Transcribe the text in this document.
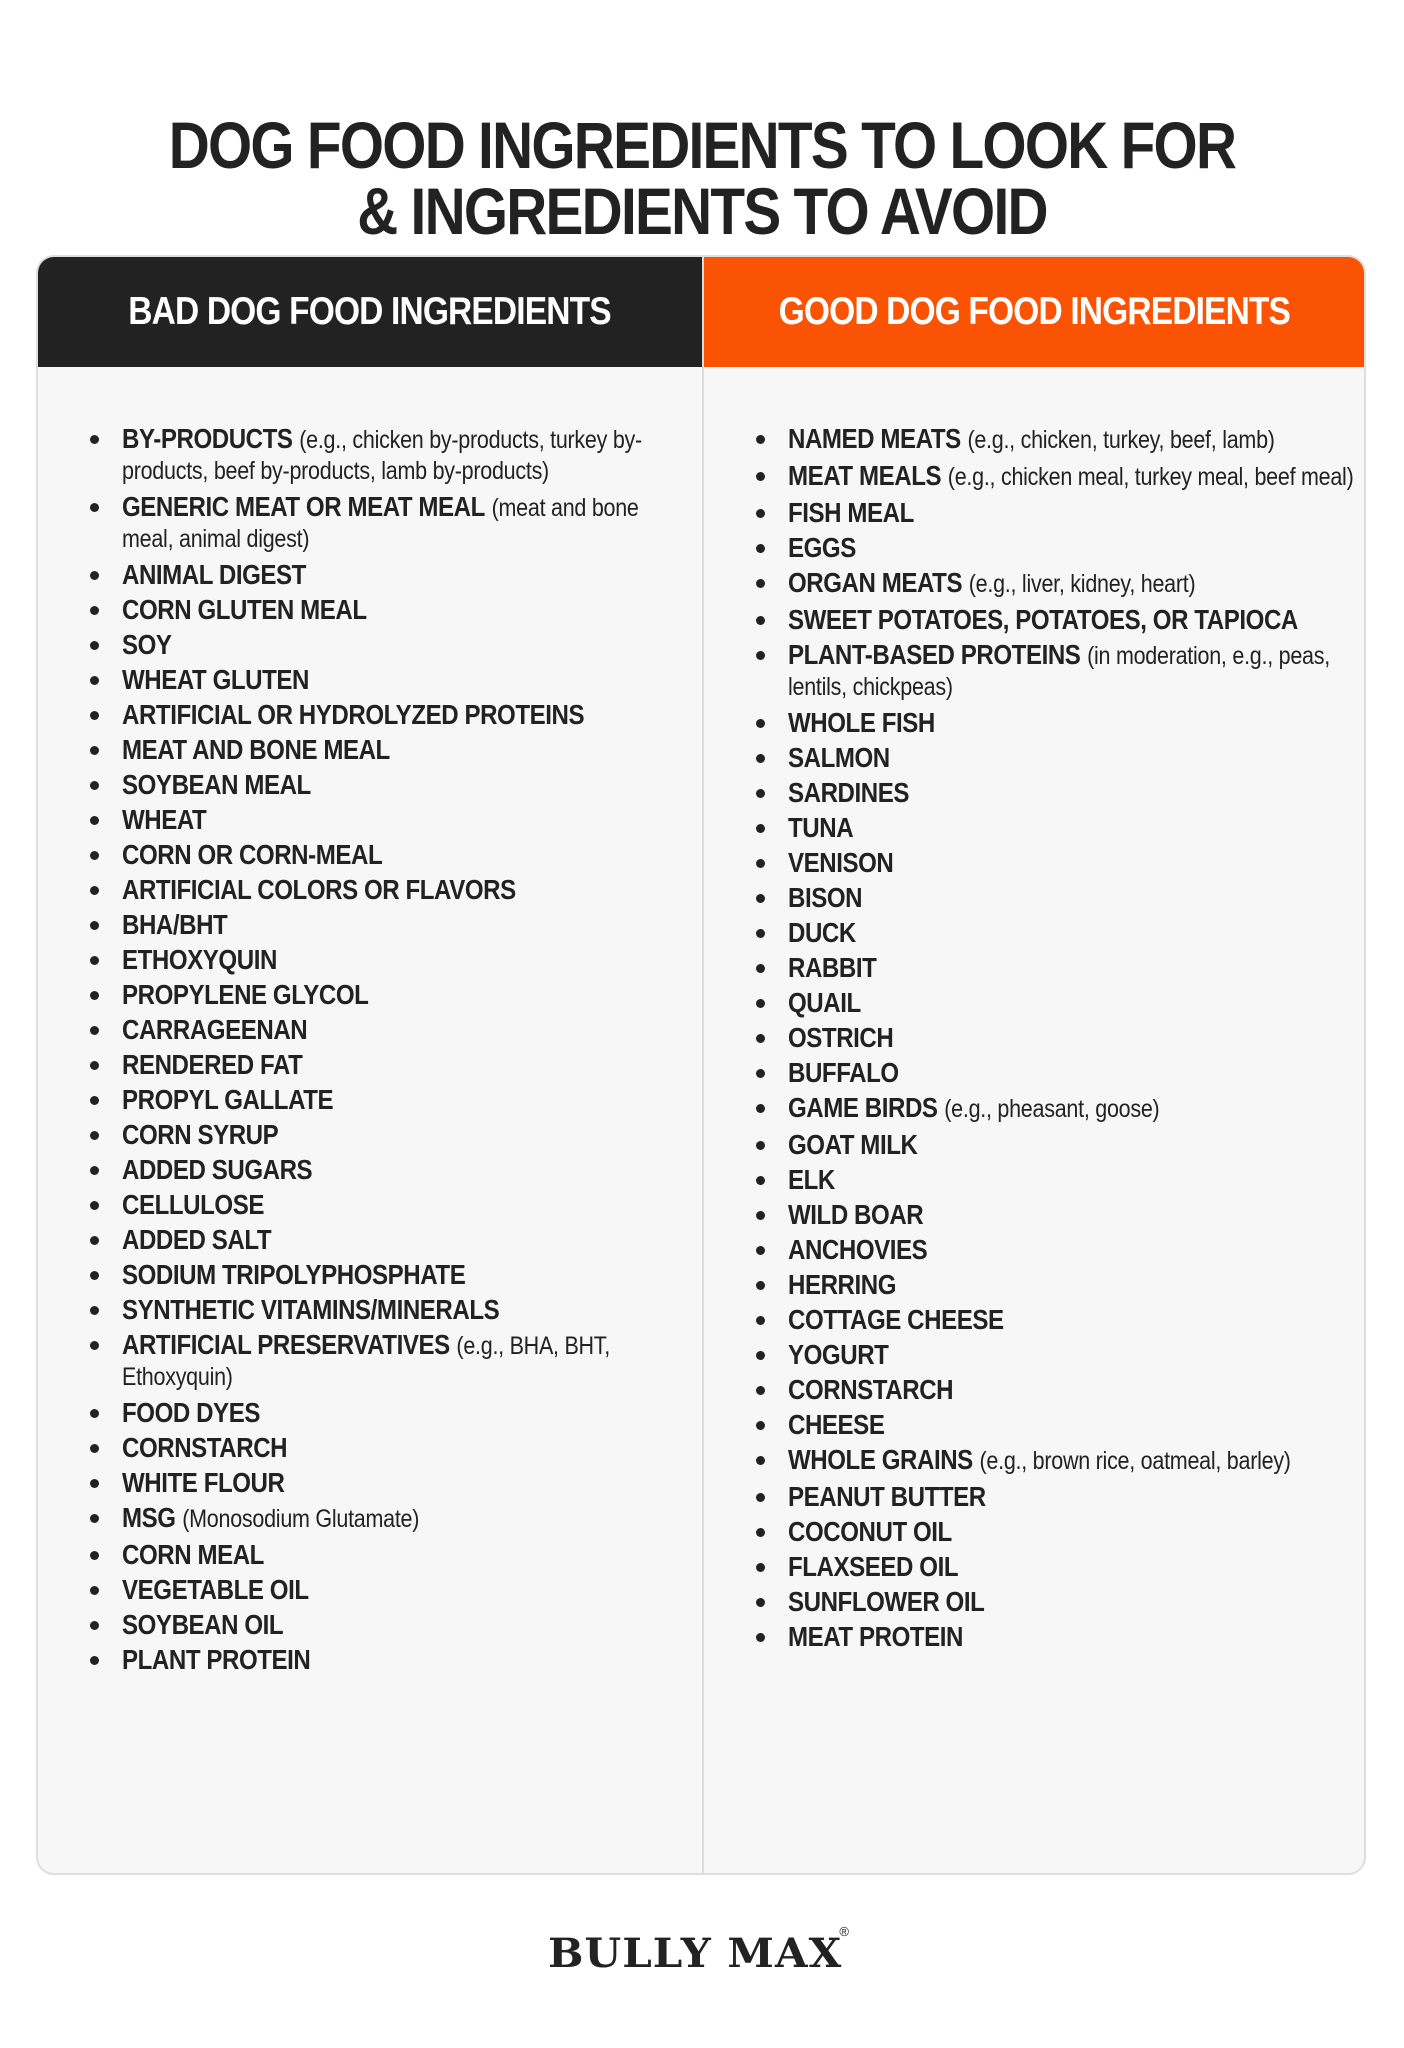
DOG FOOD INGREDIENTS TO LOOK FOR
& INGREDIENTS TO AVOID
BAD DOG FOOD INGREDIENTS
BY-PRODUCTS (e.g., chicken by-products, turkey by-products, beef by-products, lamb by-products)
GENERIC MEAT OR MEAT MEAL (meat and bone meal, animal digest)
ANIMAL DIGEST
CORN GLUTEN MEAL
SOY
WHEAT GLUTEN
ARTIFICIAL OR HYDROLYZED PROTEINS
MEAT AND BONE MEAL
SOYBEAN MEAL
WHEAT
CORN OR CORN-MEAL
ARTIFICIAL COLORS OR FLAVORS
BHA/BHT
ETHOXYQUIN
PROPYLENE GLYCOL
CARRAGEENAN
RENDERED FAT
PROPYL GALLATE
CORN SYRUP
ADDED SUGARS
CELLULOSE
ADDED SALT
SODIUM TRIPOLYPHOSPHATE
SYNTHETIC VITAMINS/MINERALS
ARTIFICIAL PRESERVATIVES (e.g., BHA, BHT, Ethoxyquin)
FOOD DYES
CORNSTARCH
WHITE FLOUR
MSG (Monosodium Glutamate)
CORN MEAL
VEGETABLE OIL
SOYBEAN OIL
PLANT PROTEIN
GOOD DOG FOOD INGREDIENTS
NAMED MEATS (e.g., chicken, turkey, beef, lamb)
MEAT MEALS (e.g., chicken meal, turkey meal, beef meal)
FISH MEAL
EGGS
ORGAN MEATS (e.g., liver, kidney, heart)
SWEET POTATOES, POTATOES, OR TAPIOCA
PLANT-BASED PROTEINS (in moderation, e.g., peas, lentils, chickpeas)
WHOLE FISH
SALMON
SARDINES
TUNA
VENISON
BISON
DUCK
RABBIT
QUAIL
OSTRICH
BUFFALO
GAME BIRDS (e.g., pheasant, goose)
GOAT MILK
ELK
WILD BOAR
ANCHOVIES
HERRING
COTTAGE CHEESE
YOGURT
CORNSTARCH
CHEESE
WHOLE GRAINS (e.g., brown rice, oatmeal, barley)
PEANUT BUTTER
COCONUT OIL
FLAXSEED OIL
SUNFLOWER OIL
MEAT PROTEIN
BULLY MAX®
